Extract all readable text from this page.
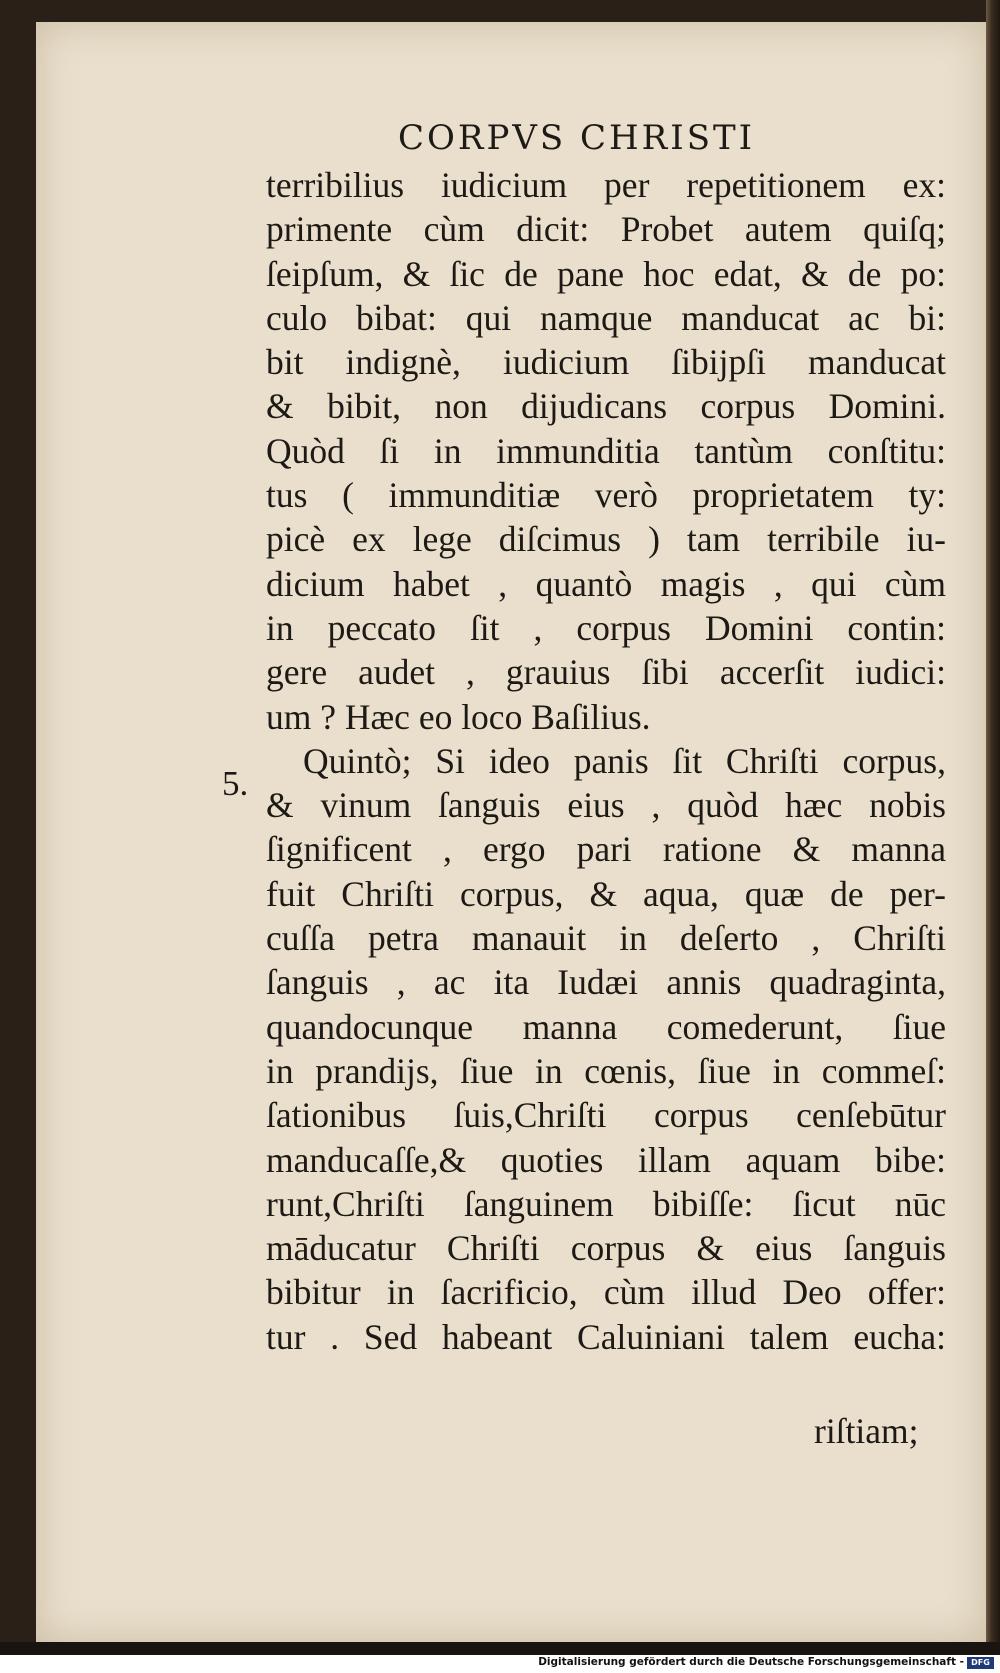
CORPVS CHRISTI
5.
terribilius iudicium per repetitionem ex:
primente cùm dicit: Probet autem quiſq;
ſeipſum, & ſic de pane hoc edat, & de po:
culo bibat: qui namque manducat ac bi:
bit indignè, iudicium ſibijpſi manducat
& bibit, non dijudicans corpus Domini.
Quòd ſi in immunditia tantùm conſtitu:
tus ( immunditiæ verò proprietatem ty:
picè ex lege diſcimus ) tam terribile iu-
dicium habet , quantò magis , qui cùm
in peccato ſit , corpus Domini contin:
gere audet , grauius ſibi accerſit iudici:
um ? Hæc eo loco Baſilius.
Quintò; Si ideo panis ſit Chriſti corpus,
& vinum ſanguis eius , quòd hæc nobis
ſignificent , ergo pari ratione & manna
fuit Chriſti corpus, & aqua, quæ de per-
cuſſa petra manauit in deſerto , Chriſti
ſanguis , ac ita Iudæi annis quadraginta,
quandocunque manna comederunt, ſiue
in prandijs, ſiue in cœnis, ſiue in commeſ:
ſationibus ſuis,Chriſti corpus cenſebūtur
manducaſſe,& quoties illam aquam bibe:
runt,Chriſti ſanguinem bibiſſe: ſicut nūc
māducatur Chriſti corpus & eius ſanguis
bibitur in ſacrificio, cùm illud Deo offer:
tur . Sed habeant Caluiniani talem eucha:
riſtiam;
Digitalisierung gefördert durch die Deutsche Forschungsgemeinschaft - DFG
